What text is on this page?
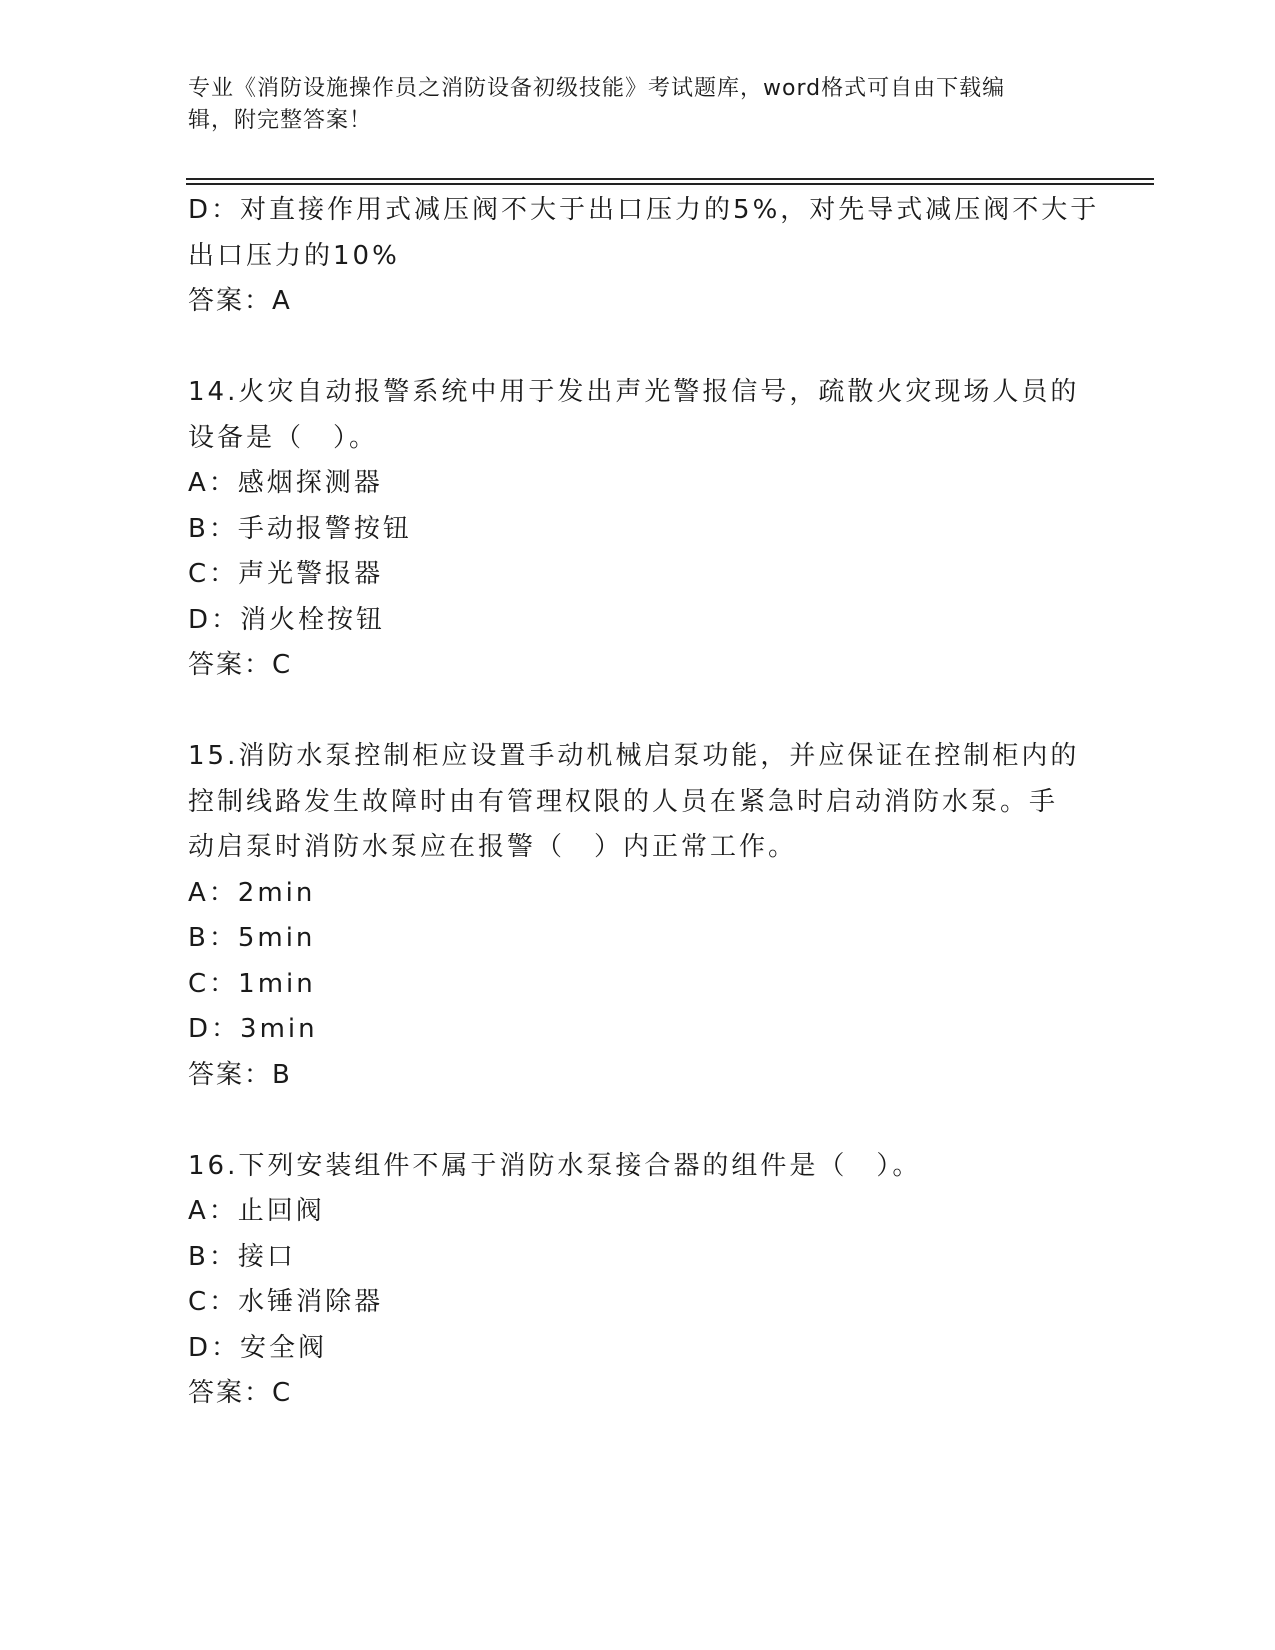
专业《消防设施操作员之消防设备初级技能》考试题库，word格式可自由下载编
辑，附完整答案！
D：对直接作用式减压阀不大于出口压力的5%，对先导式减压阀不大于
出口压力的10%
答案：A
14.火灾自动报警系统中用于发出声光警报信号，疏散火灾现场人员的
设备是（　）。
A：感烟探测器
B：手动报警按钮
C：声光警报器
D：消火栓按钮
答案：C
15.消防水泵控制柜应设置手动机械启泵功能，并应保证在控制柜内的
控制线路发生故障时由有管理权限的人员在紧急时启动消防水泵。手
动启泵时消防水泵应在报警（　）内正常工作。
A：2min
B：5min
C：1min
D：3min
答案：B
16.下列安装组件不属于消防水泵接合器的组件是（　）。
A：止回阀
B：接口
C：水锤消除器
D：安全阀
答案：C
